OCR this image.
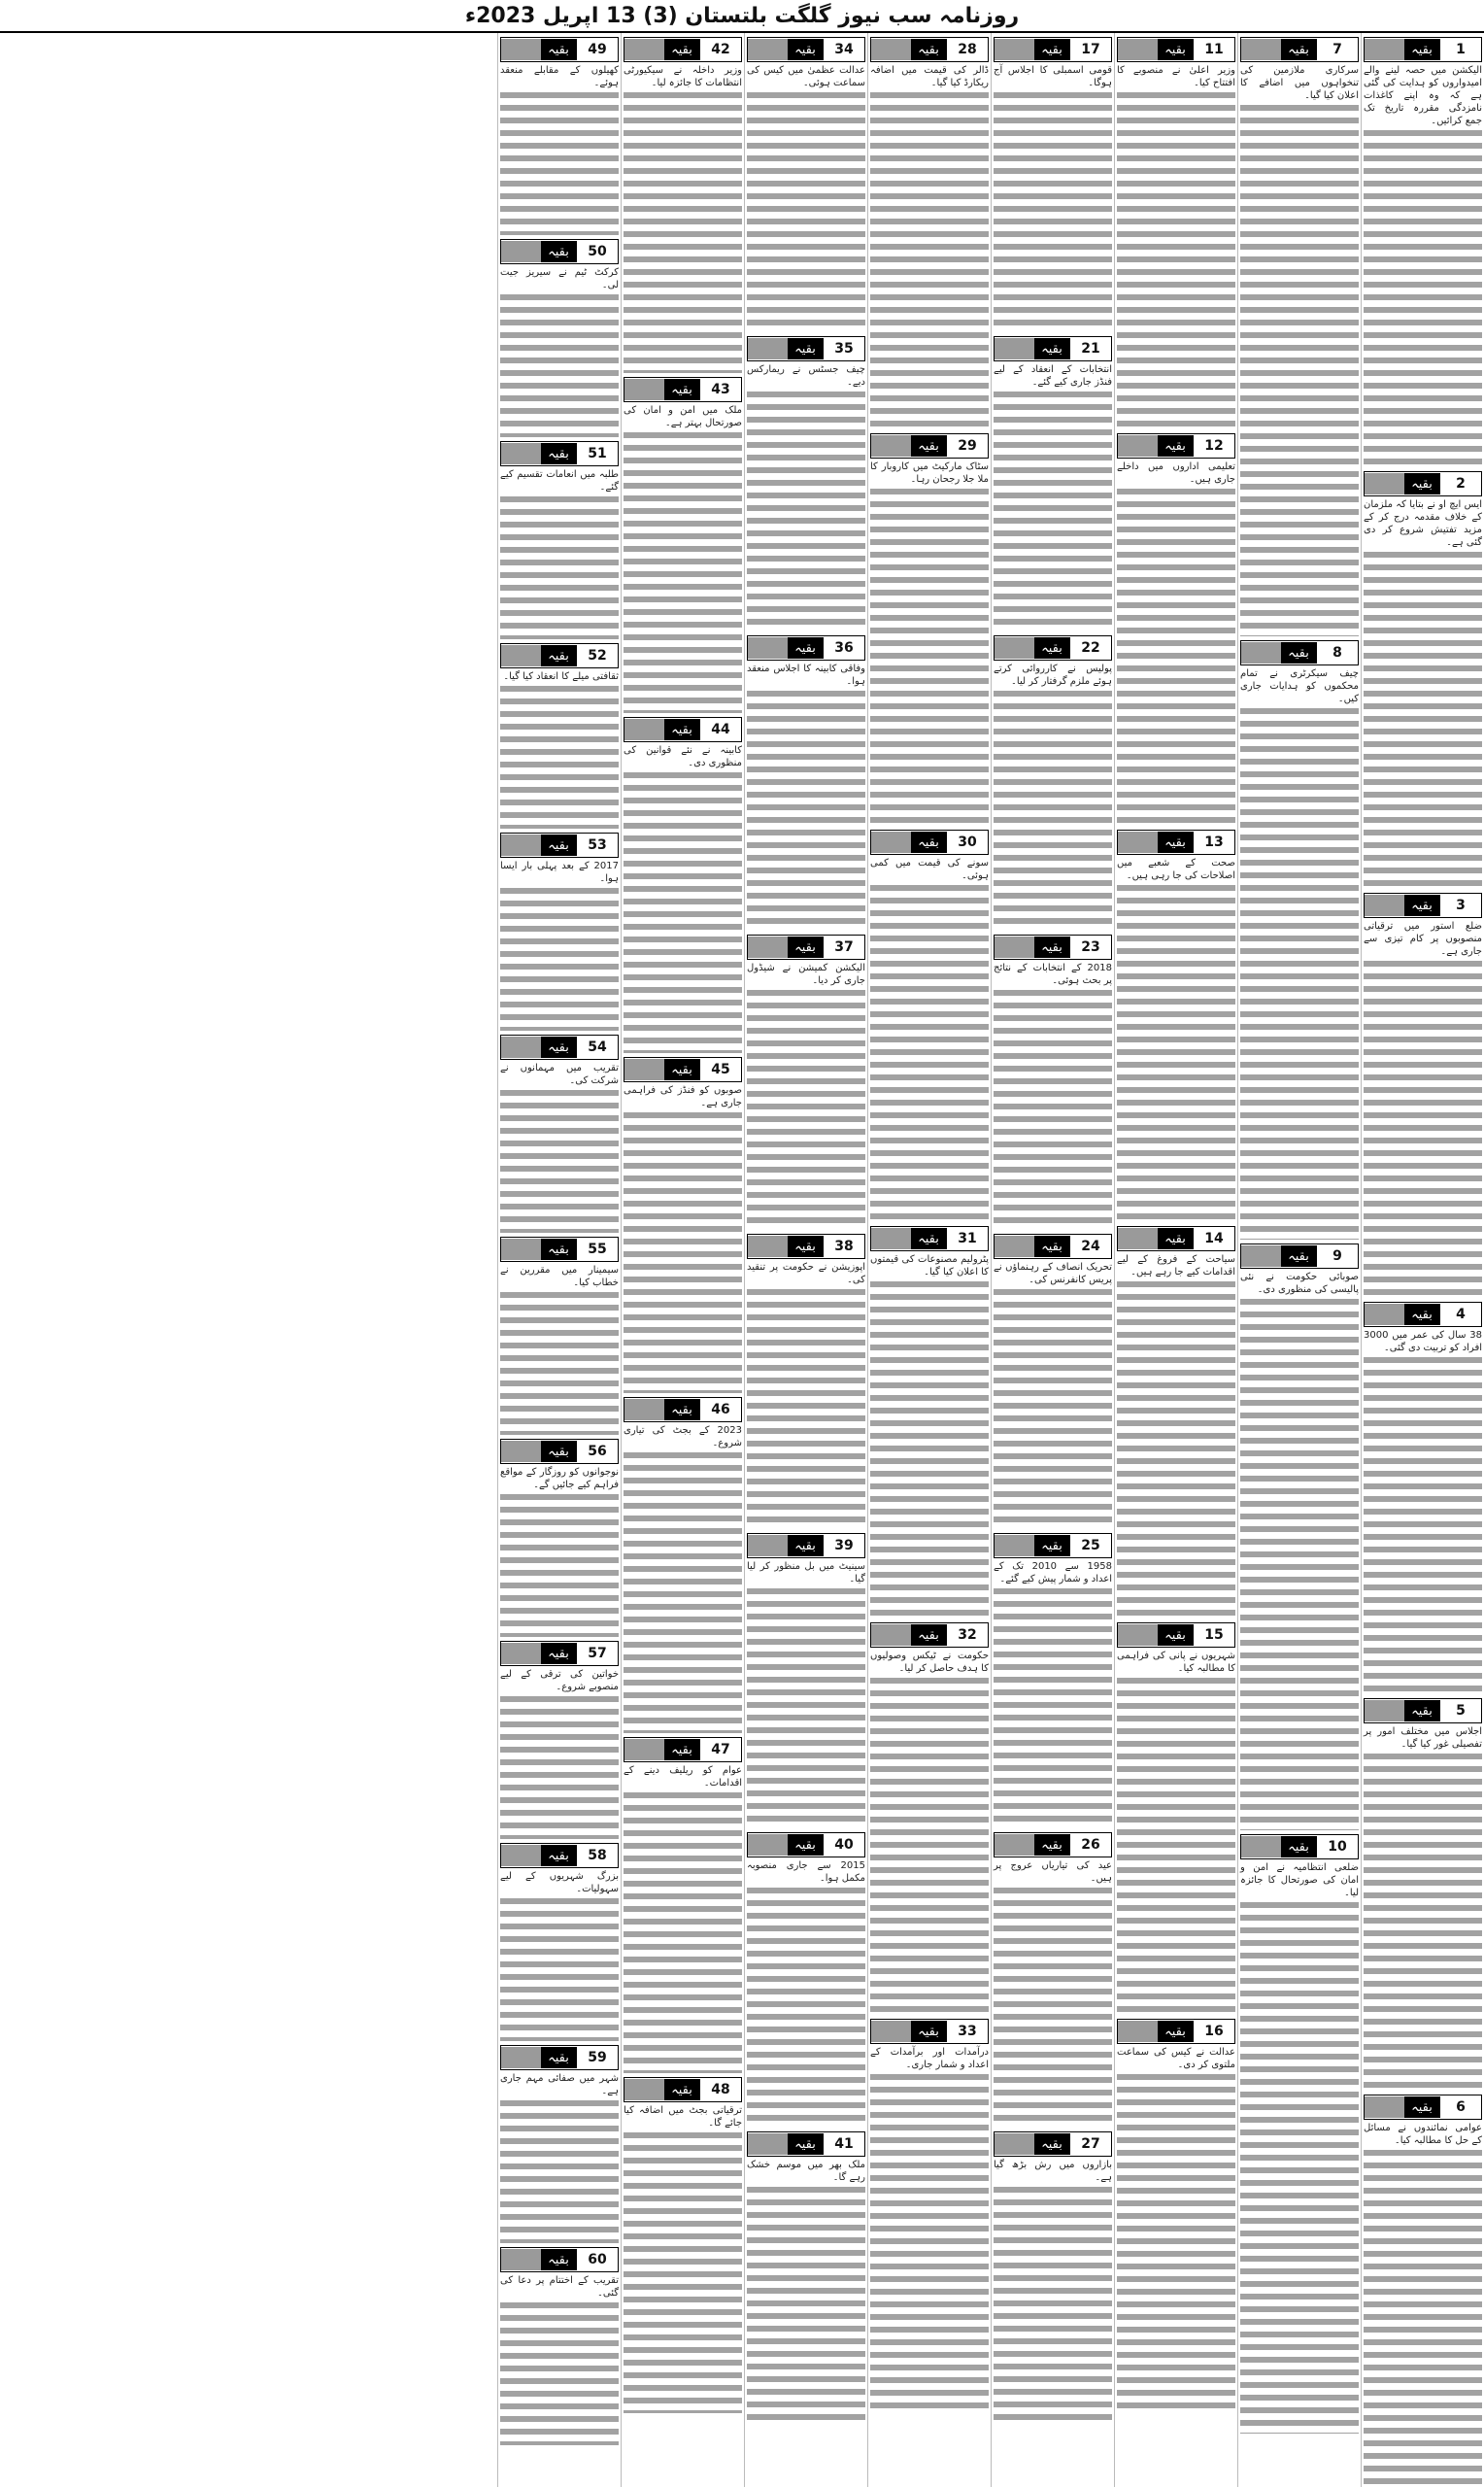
روزنامہ سب نیوز گلگت بلتستان (3) 13 اپریل 2023ء
1
بقیہ

الیکشن میں حصہ لینے والے امیدواروں کو ہدایت کی گئی ہے کہ وہ اپنے کاغذات نامزدگی مقررہ تاریخ تک جمع کرائیں۔

2
بقیہ

ایس ایچ او نے بتایا کہ ملزمان کے خلاف مقدمہ درج کر کے مزید تفتیش شروع کر دی گئی ہے۔

3
بقیہ

ضلع استور میں ترقیاتی منصوبوں پر کام تیزی سے جاری ہے۔

4
بقیہ

38 سال کی عمر میں 3000 افراد کو تربیت دی گئی۔

5
بقیہ

اجلاس میں مختلف امور پر تفصیلی غور کیا گیا۔

6
بقیہ

عوامی نمائندوں نے مسائل کے حل کا مطالبہ کیا۔

7
بقیہ

سرکاری ملازمین کی تنخواہوں میں اضافے کا اعلان کیا گیا۔

8
بقیہ

چیف سیکرٹری نے تمام محکموں کو ہدایات جاری کیں۔

9
بقیہ

صوبائی حکومت نے نئی پالیسی کی منظوری دی۔

10
بقیہ

ضلعی انتظامیہ نے امن و امان کی صورتحال کا جائزہ لیا۔

11
بقیہ

وزیر اعلیٰ نے منصوبے کا افتتاح کیا۔

12
بقیہ

تعلیمی اداروں میں داخلے جاری ہیں۔

13
بقیہ

صحت کے شعبے میں اصلاحات کی جا رہی ہیں۔

14
بقیہ

سیاحت کے فروغ کے لیے اقدامات کیے جا رہے ہیں۔

15
بقیہ

شہریوں نے پانی کی فراہمی کا مطالبہ کیا۔

16
بقیہ

عدالت نے کیس کی سماعت ملتوی کر دی۔

17
بقیہ

قومی اسمبلی کا اجلاس آج ہوگا۔

21
بقیہ

انتخابات کے انعقاد کے لیے فنڈز جاری کیے گئے۔

22
بقیہ

پولیس نے کارروائی کرتے ہوئے ملزم گرفتار کر لیا۔

23
بقیہ

2018 کے انتخابات کے نتائج پر بحث ہوئی۔

24
بقیہ

تحریک انصاف کے رہنماؤں نے پریس کانفرنس کی۔

25
بقیہ

1958 سے 2010 تک کے اعداد و شمار پیش کیے گئے۔

26
بقیہ

عید کی تیاریاں عروج پر ہیں۔

27
بقیہ

بازاروں میں رش بڑھ گیا ہے۔

28
بقیہ

ڈالر کی قیمت میں اضافہ ریکارڈ کیا گیا۔

29
بقیہ

سٹاک مارکیٹ میں کاروبار کا ملا جلا رجحان رہا۔

30
بقیہ

سونے کی قیمت میں کمی ہوئی۔

31
بقیہ

پٹرولیم مصنوعات کی قیمتوں کا اعلان کیا گیا۔

32
بقیہ

حکومت نے ٹیکس وصولیوں کا ہدف حاصل کر لیا۔

33
بقیہ

درآمدات اور برآمدات کے اعداد و شمار جاری۔

34
بقیہ

عدالت عظمیٰ میں کیس کی سماعت ہوئی۔

35
بقیہ

چیف جسٹس نے ریمارکس دیے۔

36
بقیہ

وفاقی کابینہ کا اجلاس منعقد ہوا۔

37
بقیہ

الیکشن کمیشن نے شیڈول جاری کر دیا۔

38
بقیہ

اپوزیشن نے حکومت پر تنقید کی۔

39
بقیہ

سینیٹ میں بل منظور کر لیا گیا۔

40
بقیہ

2015 سے جاری منصوبہ مکمل ہوا۔

41
بقیہ

ملک بھر میں موسم خشک رہے گا۔

42
بقیہ

وزیر داخلہ نے سیکیورٹی انتظامات کا جائزہ لیا۔

43
بقیہ

ملک میں امن و امان کی صورتحال بہتر ہے۔

44
بقیہ

کابینہ نے نئے قوانین کی منظوری دی۔

45
بقیہ

صوبوں کو فنڈز کی فراہمی جاری ہے۔

46
بقیہ

2023 کے بجٹ کی تیاری شروع۔

47
بقیہ

عوام کو ریلیف دینے کے اقدامات۔

48
بقیہ

ترقیاتی بجٹ میں اضافہ کیا جائے گا۔

49
بقیہ

کھیلوں کے مقابلے منعقد ہوئے۔

50
بقیہ

کرکٹ ٹیم نے سیریز جیت لی۔

51
بقیہ

طلبہ میں انعامات تقسیم کیے گئے۔

52
بقیہ

ثقافتی میلے کا انعقاد کیا گیا۔

53
بقیہ

2017 کے بعد پہلی بار ایسا ہوا۔

54
بقیہ

تقریب میں مہمانوں نے شرکت کی۔

55
بقیہ

سیمینار میں مقررین نے خطاب کیا۔

56
بقیہ

نوجوانوں کو روزگار کے مواقع فراہم کیے جائیں گے۔

57
بقیہ

خواتین کی ترقی کے لیے منصوبے شروع۔

58
بقیہ

بزرگ شہریوں کے لیے سہولیات۔

59
بقیہ

شہر میں صفائی مہم جاری ہے۔

60
بقیہ

تقریب کے اختتام پر دعا کی گئی۔
